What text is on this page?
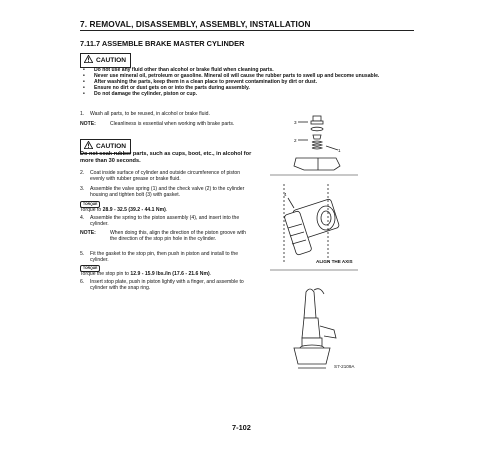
7. REMOVAL, DISASSEMBLY, ASSEMBLY, INSTALLATION
7.11.7 ASSEMBLE BRAKE MASTER CYLINDER
CAUTION
• Do not use any fluid other than alcohol or brake fluid when cleaning parts.
• Never use mineral oil, petroleum or gasoline. Mineral oil will cause the rubber parts to swell up and become unusable.
• After washing the parts, keep them in a clean place to prevent contamination by dirt or dust.
• Ensure no dirt or dust gets on or into the parts during assembly.
• Do not damage the cylinder, piston or cup.
1.	Wash all parts, to be reused, in alcohol or brake fluid.
NOTE:	Cleanliness is essential when working with brake parts.
CAUTION
Do not soak rubber parts, such as cups, boot, etc., in alcohol for more than 30 seconds.
2.	Coat inside surface of cylinder and outside circumference of piston evenly with rubber grease or brake fluid.
3.	Assemble the valve spring (1) and the check valve (2) to the cylinder housing and tighten bolt (3) with gasket.
TORQUE
Torque to 28.9 - 32.5 (39.2 - 44.1 Nm).
4.	Assemble the spring to the piston assembly (4), and insert into the cylinder.
NOTE:	When doing this, align the direction of the piston groove with the direction of the stop pin hole in the cylinder.
5.	Fit the gasket to the stop pin, then push in piston and install to the cylinder.
TORQUE
Torque the stop pin to 12.9 - 15.9 lbs./in (17.6 - 21.6 Nm).
6.	Insert stop plate, push in piston lightly with a finger, and assemble to cylinder with the snap ring.
3
2
1
4
ALIGN THE AXIS
S7-2109A
7-102
